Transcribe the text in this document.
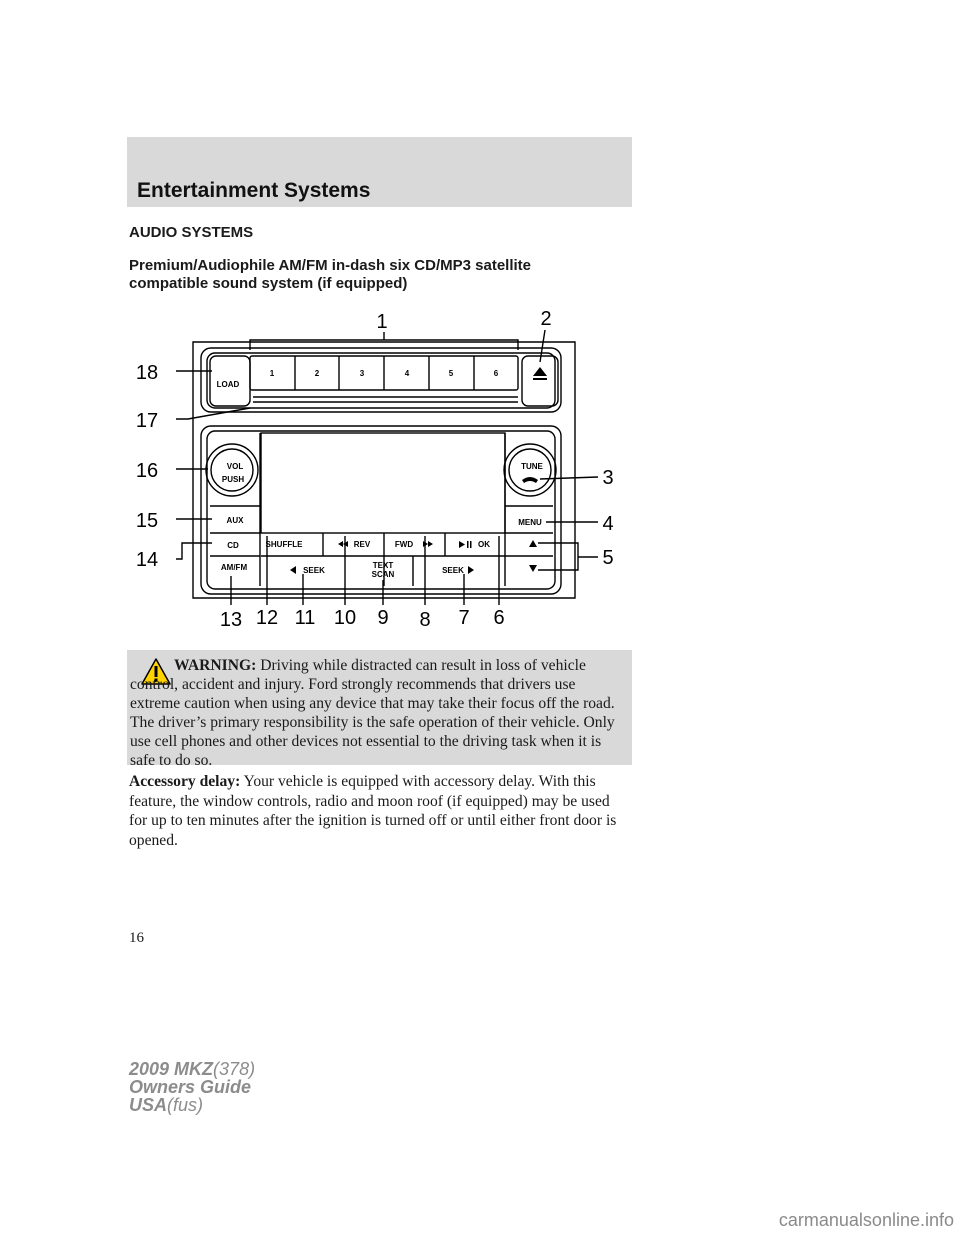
Entertainment Systems
AUDIO SYSTEMS
Premium/Audiophile AM/FM in-dash six CD/MP3 satellite compatible sound system (if equipped)
LOAD
1	2	3	4	5	6
VOL
PUSH
TUNE
AUX	MENU
CD
AM/FM
SHUFFLE	REV	FWD	OK
SEEK
TEXT
SCAN	SEEK
1	2
3
4
5
6
7
8
9
10
11
12
13
14
15
16
17
18
WARNING: Driving while distracted can result in loss of vehicle control, accident and injury. Ford strongly recommends that drivers use extreme caution when using any device that may take their focus off the road. The driver’s primary responsibility is the safe operation of their vehicle. Only use cell phones and other devices not essential to the driving task when it is safe to do so.
Accessory delay: Your vehicle is equipped with accessory delay. With this feature, the window controls, radio and moon roof (if equipped) may be used for up to ten minutes after the ignition is turned off or until either front door is opened.
16
2009 MKZ(378)
Owners Guide
USA(fus)
carmanualsonline.info
